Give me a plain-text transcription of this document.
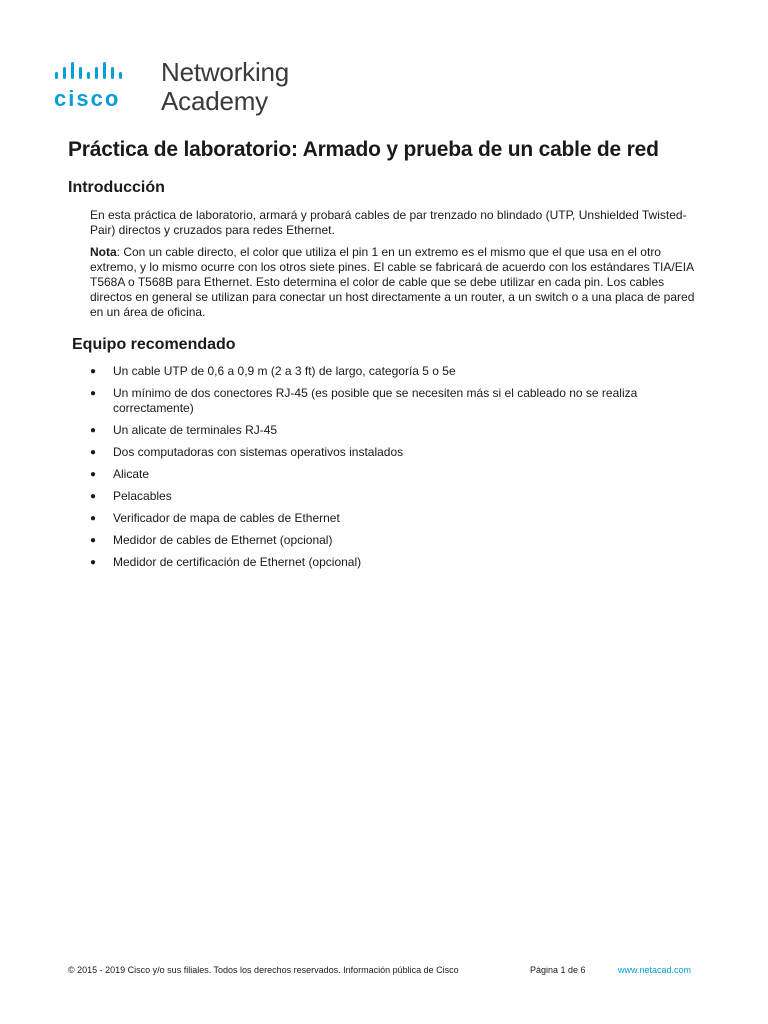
cisco
Networking
Academy
Práctica de laboratorio: Armado y prueba de un cable de red
Introducción

En esta práctica de laboratorio, armará y probará cables de par trenzado no blindado (UTP, Unshielded Twisted-Pair) directos y cruzados para redes Ethernet.

Nota: Con un cable directo, el color que utiliza el pin 1 en un extremo es el mismo que el que usa en el otro extremo, y lo mismo ocurre con los otros siete pines. El cable se fabricará de acuerdo con los estándares TIA/EIA T568A o T568B para Ethernet. Esto determina el color de cable que se debe utilizar en cada pin. Los cables directos en general se utilizan para conectar un host directamente a un router, a un switch o a una placa de pared en un área de oficina.

Equipo recomendado
● Un cable UTP de 0,6 a 0,9 m (2 a 3 ft) de largo, categoría 5 o 5e
● Un mínimo de dos conectores RJ-45 (es posible que se necesiten más si el cableado no se realiza correctamente)
● Un alicate de terminales RJ-45
● Dos computadoras con sistemas operativos instalados
● Alicate
● Pelacables
● Verificador de mapa de cables de Ethernet
● Medidor de cables de Ethernet (opcional)
● Medidor de certificación de Ethernet (opcional)
© 2015 - 2019 Cisco y/o sus filiales. Todos los derechos reservados. Información pública de Cisco	Página 1 de 6	www.netacad.com
